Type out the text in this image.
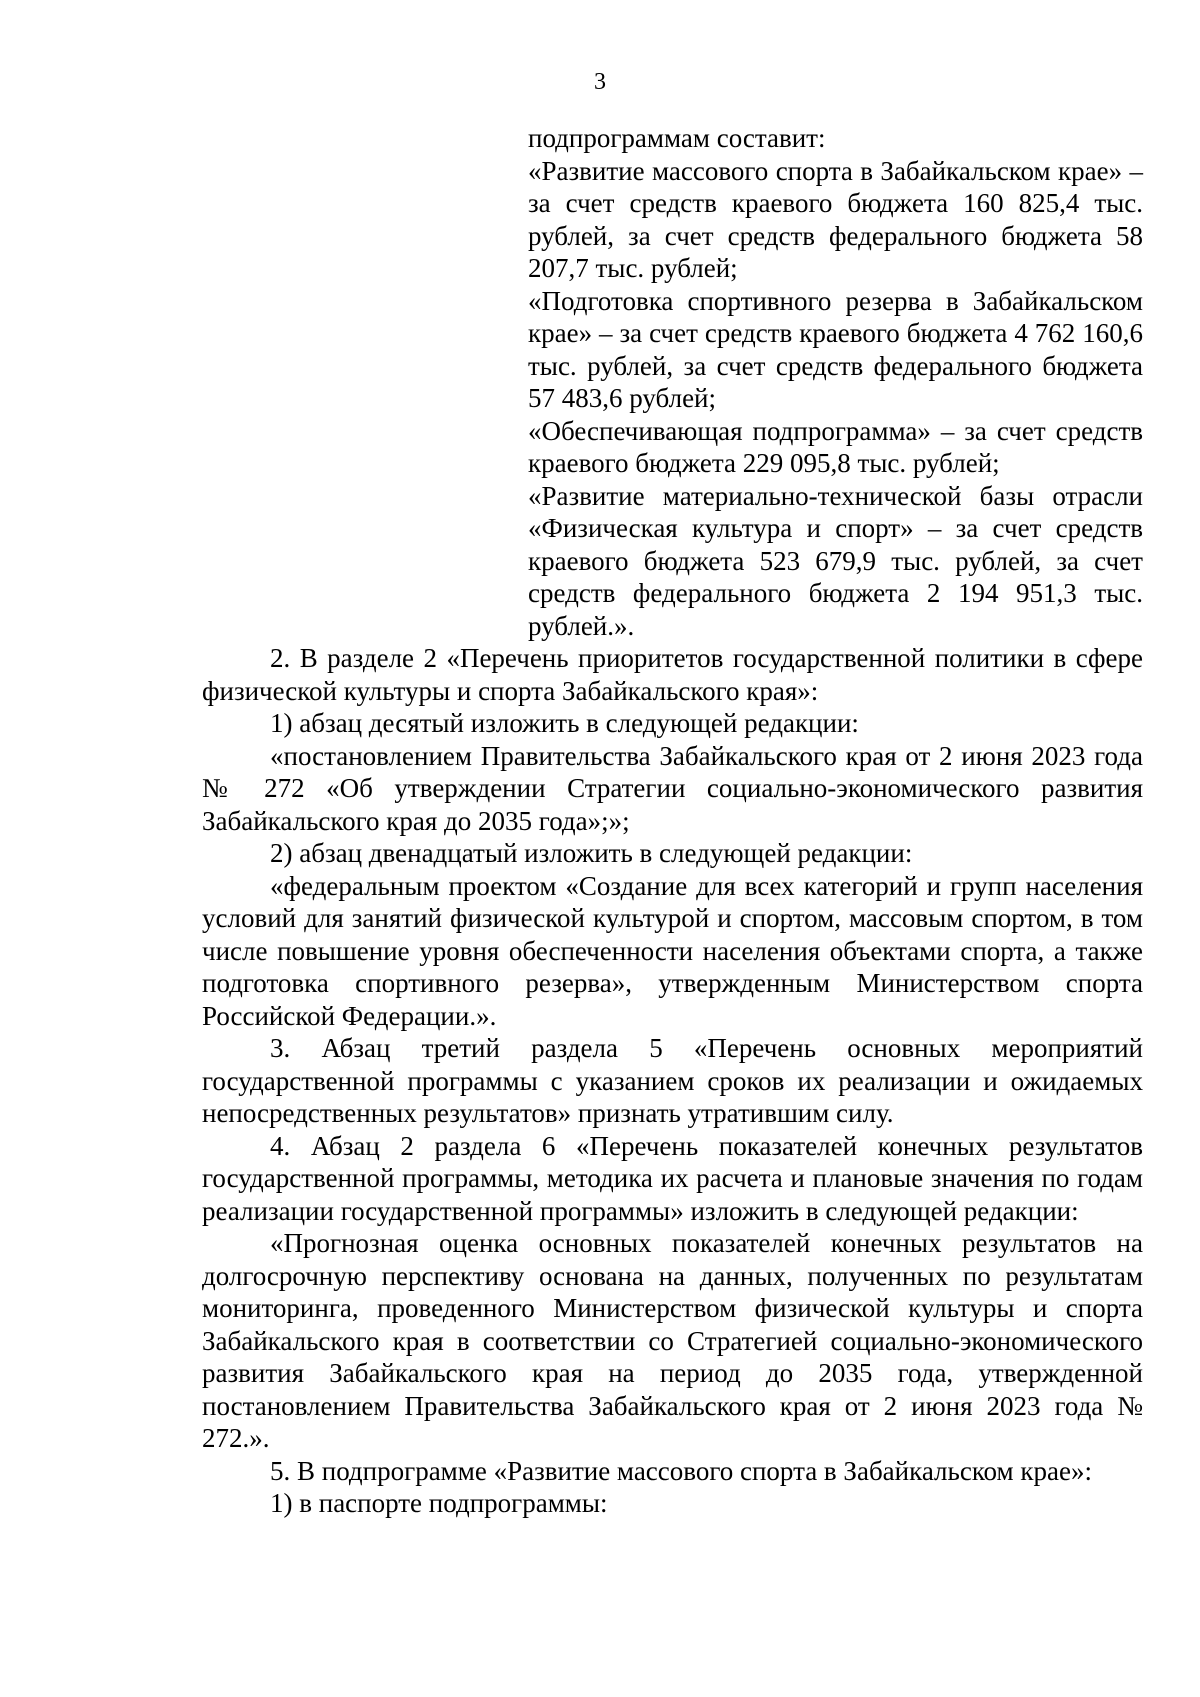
3

подпрограммам составит:

«Развитие массового спорта в Забайкальском крае» – за счет средств краевого бюджета 160 825,4 тыс. рублей, за счет средств федерального бюджета 58 207,7 тыс. рублей;

«Подготовка спортивного резерва в Забайкальском крае» – за счет средств краевого бюджета 4 762 160,6 тыс. рублей, за счет средств федерального бюджета 57 483,6 рублей;

«Обеспечивающая подпрограмма» – за счет средств краевого бюджета 229 095,8 тыс. рублей;

«Развитие материально-технической базы отрасли «Физическая культура и спорт» – за счет средств краевого бюджета 523 679,9 тыс. рублей, за счет средств федерального бюджета 2 194 951,3 тыс. рублей.».

2. В разделе 2 «Перечень приоритетов государственной политики в сфере физической культуры и спорта Забайкальского края»:

1) абзац десятый изложить в следующей редакции:

«постановлением Правительства Забайкальского края от 2 июня 2023 года № 272 «Об утверждении Стратегии социально-экономического развития Забайкальского края до 2035 года»;»;

2) абзац двенадцатый изложить в следующей редакции:

«федеральным проектом «Создание для всех категорий и групп населения условий для занятий физической культурой и спортом, массовым спортом, в том числе повышение уровня обеспеченности населения объектами спорта, а также подготовка спортивного резерва», утвержденным Министерством спорта Российской Федерации.».

3. Абзац третий раздела 5 «Перечень основных мероприятий государственной программы с указанием сроков их реализации и ожидаемых непосредственных результатов» признать утратившим силу.

4. Абзац 2 раздела 6 «Перечень показателей конечных результатов государственной программы, методика их расчета и плановые значения по годам реализации государственной программы» изложить в следующей редакции:

«Прогнозная оценка основных показателей конечных результатов на долгосрочную перспективу основана на данных, полученных по результатам мониторинга, проведенного Министерством физической культуры и спорта Забайкальского края в соответствии со Стратегией социально-экономического развития Забайкальского края на период до 2035 года, утвержденной постановлением Правительства Забайкальского края от 2 июня 2023 года № 272.».

5. В подпрограмме «Развитие массового спорта в Забайкальском крае»:

1) в паспорте подпрограммы:
